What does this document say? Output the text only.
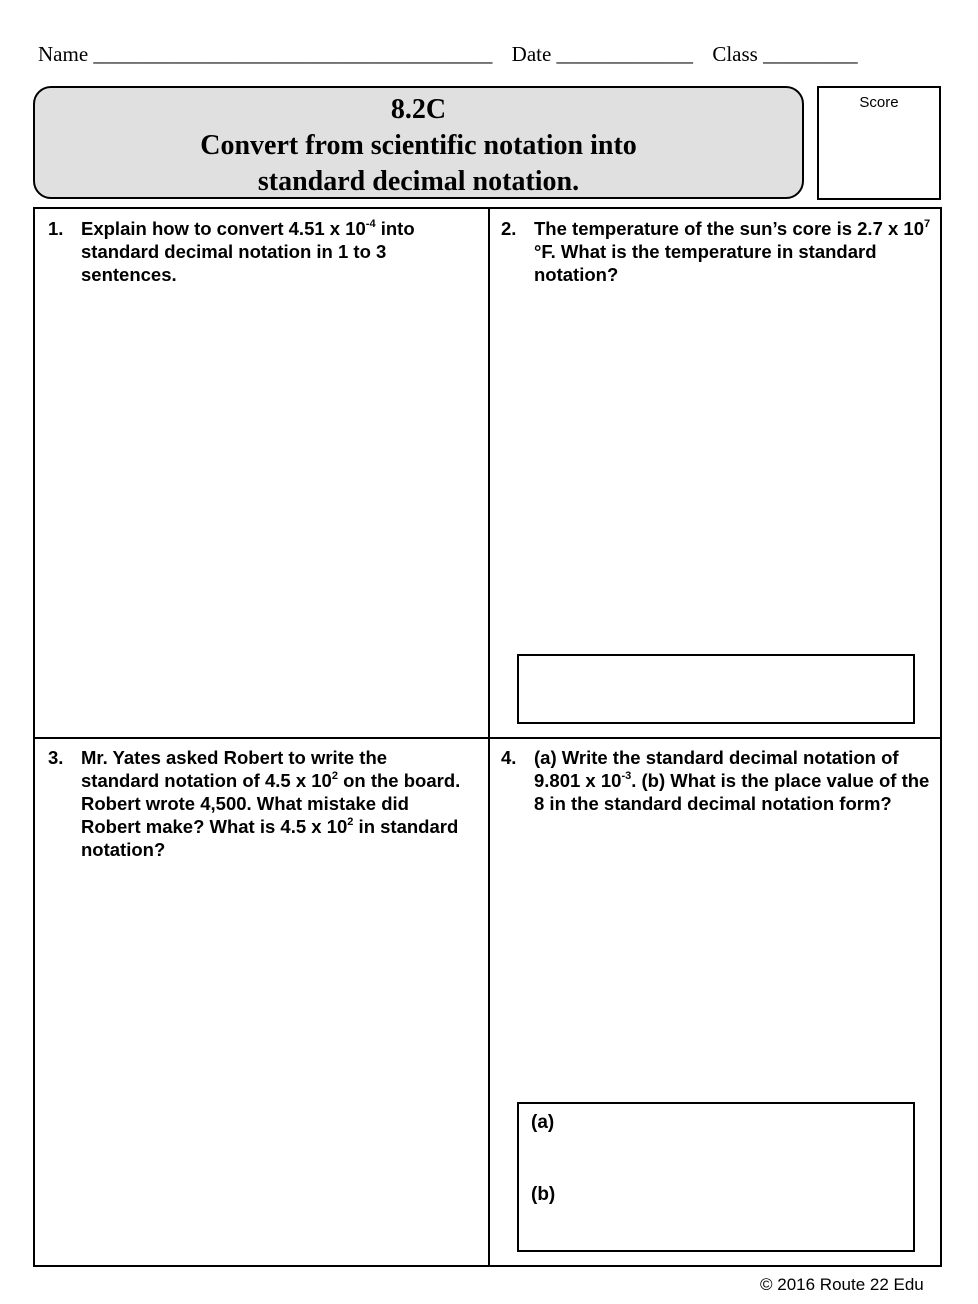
Name ______________________________________ Date _____________ Class _________
8.2C
Convert from scientific notation into
standard decimal notation.
Score
1. Explain how to convert 4.51 x $10^{-4}$ into standard decimal notation in 1 to 3 sentences.
2. The temperature of the sun’s core is 2.7 x $10^7$ °F. What is the temperature in standard notation?
3. Mr. Yates asked Robert to write the standard notation of 4.5 x $10^2$ on the board. Robert wrote 4,500. What mistake did Robert make? What is 4.5 x $10^2$ in standard notation?
4. (a) Write the standard decimal notation of 9.801 x $10^{-3}$. (b) What is the place value of the 8 in the standard decimal notation form?
(a)
(b)
© 2016 Route 22 Edu
